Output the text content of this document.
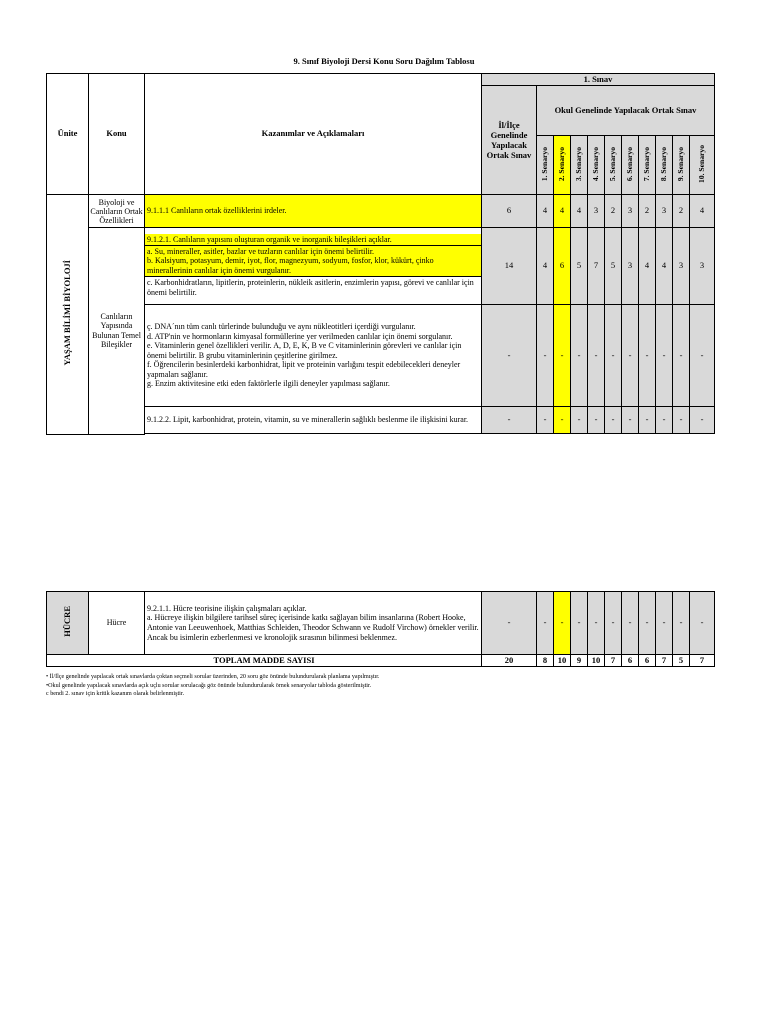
9. Sınıf Biyoloji Dersi Konu Soru Dağılım Tablosu
Ünite	Konu	Kazanımlar ve Açıklamaları	1. Sınav										
			İl/İlçe Genelinde Yapılacak Ortak Sınav	Okul Genelinde Yapılacak Ortak Sınav									
				1. Senaryo	2. Senaryo	3. Senaryo	4. Senaryo	5. Senaryo	6. Senaryo	7. Senaryo	8. Senaryo	9. Senaryo	10. Senaryo
YAŞAM BİLİMİ BİYOLOJİ	Biyoloji ve Canlıların Ortak Özellikleri	9.1.1.1 Canlıların ortak özelliklerini irdeler.	6	4	4	4	3	2	3	2	3	2	4
	Canlıların Yapısında Bulunan Temel Bileşikler	9.1.2.1. Canlıların yapısını oluşturan organik ve inorganik bileşikleri açıklar.
a. Su, mineraller, asitler, bazlar ve tuzların canlılar için önemi belirtilir.
b. Kalsiyum, potasyum, demir, iyot, flor, magnezyum, sodyum, fosfor, klor, kükürt, çinko minerallerinin canlılar için önemi vurgulanır.
c. Karbonhidratların, lipitlerin, proteinlerin, nükleik asitlerin, enzimlerin yapısı, görevi ve canlılar için önemi belirtilir.	14	4	6	5	7	5	3	4	4	3	3

		ç. DNA´nın tüm canlı türlerinde bulunduğu ve aynı nükleotitleri içerdiği vurgulanır.
d. ATP'nin ve hormonların kimyasal formüllerine yer verilmeden canlılar için önemi sorgulanır.
e. Vitaminlerin genel özellikleri verilir. A, D, E, K, B ve C vitaminlerinin görevleri ve canlılar için önemi belirtilir. B grubu vitaminlerinin çeşitlerine girilmez.
f. Öğrencilerin besinlerdeki karbonhidrat, lipit ve proteinin varlığını tespit edebilecekleri deneyler yapmaları sağlanır.
g. Enzim aktivitesine etki eden faktörlerle ilgili deneyler yapılması sağlanır.	-	-	-	-	-	-	-	-	-	-	-
		9.1.2.2. Lipit, karbonhidrat, protein, vitamin, su ve minerallerin sağlıklı beslenme ile ilişkisini kurar.	-	-	-	-	-	-	-	-	-	-	-

HÜCRE	Hücre	9.2.1.1. Hücre teorisine ilişkin çalışmaları açıklar.
a. Hücreye ilişkin bilgilere tarihsel süreç içerisinde katkı sağlayan bilim insanlarına (Robert Hooke, Antonie van Leeuwenhoek, Matthias Schleiden, Theodor Schwann ve Rudolf Virchow) örnekler verilir. Ancak bu isimlerin ezberlenmesi ve kronolojik sırasının bilinmesi beklenmez.	-	-	-	-	-	-	-	-	-	-	-
TOPLAM MADDE SAYISI			20	8	10	9	10	7	6	6	7	5	7
• İl/İlçe genelinde yapılacak ortak sınavlarda çoktan seçmeli sorular üzerinden, 20 soru göz önünde bulundurularak planlama yapılmıştır.
•Okul genelinde yapılacak sınavlarda açık uçlu sorular sorulacağı göz önünde bulundurularak örnek senaryolar tabloda gösterilmiştir.
c bendi 2. sınav için kritik kazanım olarak belirlenmiştir.
